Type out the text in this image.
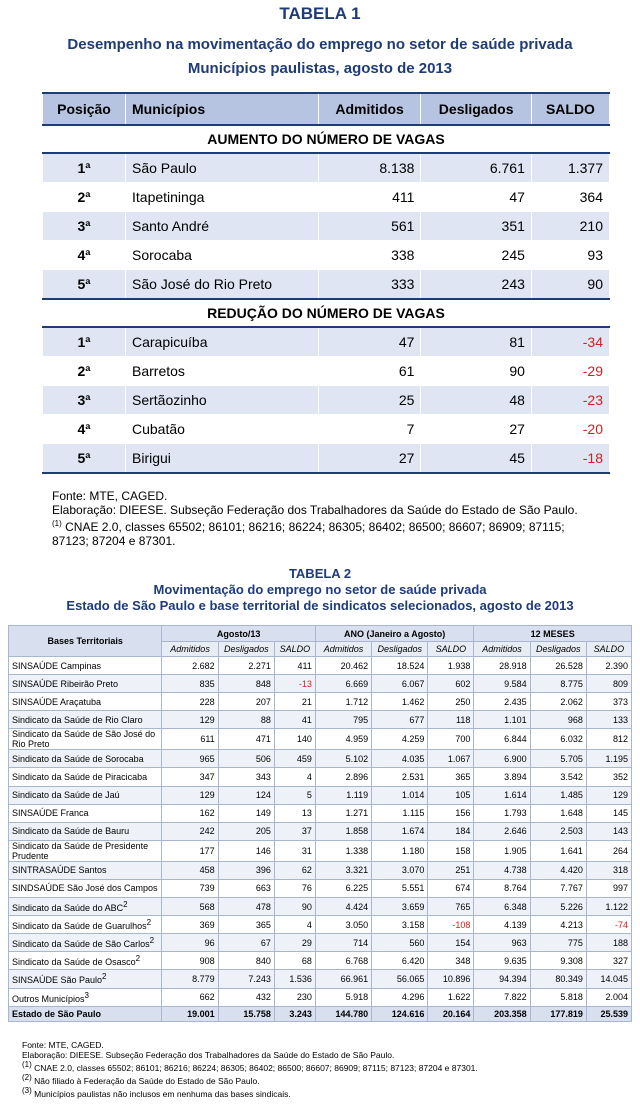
TABELA 1
Desempenho na movimentação do emprego no setor de saúde privada
Municípios paulistas, agosto de 2013
Posição	Municípios	Admitidos	Desligados	SALDO
AUMENTO DO NÚMERO DE VAGAS				
1ª	São Paulo	8.138	6.761	1.377
2ª	Itapetininga	411	47	364
3ª	Santo André	561	351	210
4ª	Sorocaba	338	245	93
5ª	São José do Rio Preto	333	243	90
REDUÇÃO DO NÚMERO DE VAGAS				
1ª	Carapicuíba	47	81	-34
2ª	Barretos	61	90	-29
3ª	Sertãozinho	25	48	-23
4ª	Cubatão	7	27	-20
5ª	Birigui	27	45	-18
Fonte: MTE, CAGED.
Elaboração: DIEESE. Subseção Federação dos Trabalhadores da Saúde do Estado de São Paulo.
$^{(1)}$ CNAE 2.0, classes 65502; 86101; 86216; 86224; 86305; 86402; 86500; 86607; 86909; 87115;
87123; 87204 e 87301.
TABELA 2
Movimentação do emprego no setor de saúde privada
Estado de São Paulo e base territorial de sindicatos selecionados, agosto de 2013
Bases Territoriais	Agosto/13			ANO (Janeiro a Agosto)			12 MESES		
	Admitidos	Desligados	SALDO	Admitidos	Desligados	SALDO	Admitidos	Desligados	SALDO
SINSAÚDE Campinas	2.682	2.271	411	20.462	18.524	1.938	28.918	26.528	2.390
SINSAÚDE Ribeirão Preto	835	848	-13	6.669	6.067	602	9.584	8.775	809
SINSAÚDE Araçatuba	228	207	21	1.712	1.462	250	2.435	2.062	373
Sindicato da Saúde de Rio Claro	129	88	41	795	677	118	1.101	968	133
Sindicato da Saúde de São José do Rio Preto	611	471	140	4.959	4.259	700	6.844	6.032	812
Sindicato da Saúde de Sorocaba	965	506	459	5.102	4.035	1.067	6.900	5.705	1.195
Sindicato da Saúde de Piracicaba	347	343	4	2.896	2.531	365	3.894	3.542	352
Sindicato da Saúde de Jaú	129	124	5	1.119	1.014	105	1.614	1.485	129
SINSAÚDE Franca	162	149	13	1.271	1.115	156	1.793	1.648	145
Sindicato da Saúde de Bauru	242	205	37	1.858	1.674	184	2.646	2.503	143
Sindicato da Saúde de Presidente Prudente	177	146	31	1.338	1.180	158	1.905	1.641	264
SINTRASAÚDE Santos	458	396	62	3.321	3.070	251	4.738	4.420	318
SINDSAÚDE São José dos Campos	739	663	76	6.225	5.551	674	8.764	7.767	997
Sindicato da Saúde do ABC$^2$	568	478	90	4.424	3.659	765	6.348	5.226	1.122
Sindicato da Saúde de Guarulhos$^2$	369	365	4	3.050	3.158	-108	4.139	4.213	-74
Sindicato da Saúde de São Carlos$^2$	96	67	29	714	560	154	963	775	188
Sindicato da Saúde de Osasco$^2$	908	840	68	6.768	6.420	348	9.635	9.308	327
SINSAÚDE São Paulo$^2$	8.779	7.243	1.536	66.961	56.065	10.896	94.394	80.349	14.045
Outros Municípios$^3$	662	432	230	5.918	4.296	1.622	7.822	5.818	2.004
Estado de São Paulo	19.001	15.758	3.243	144.780	124.616	20.164	203.358	177.819	25.539
Fonte: MTE, CAGED.
Elaboração: DIEESE. Subseção Federação dos Trabalhadores da Saúde do Estado de São Paulo.
$^{(1)}$ CNAE 2.0, classes 65502; 86101; 86216; 86224; 86305; 86402; 86500; 86607; 86909; 87115; 87123; 87204 e 87301.
$^{(2)}$ Não filiado à Federação da Saúde do Estado de São Paulo.
$^{(3)}$ Municípios paulistas não inclusos em nenhuma das bases sindicais.
